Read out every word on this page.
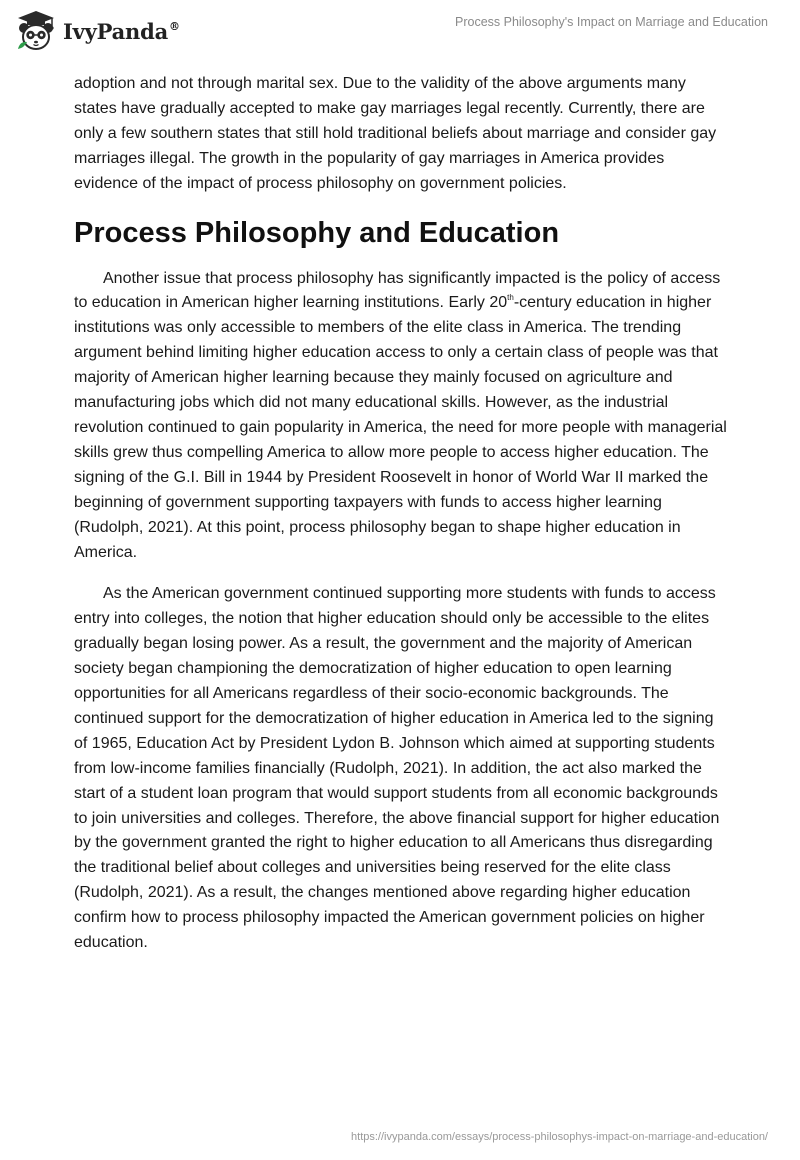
IvyPanda®	Process Philosophy's Impact on Marriage and Education

adoption and not through marital sex. Due to the validity of the above arguments many states have gradually accepted to make gay marriages legal recently. Currently, there are only a few southern states that still hold traditional beliefs about marriage and consider gay marriages illegal. The growth in the popularity of gay marriages in America provides evidence of the impact of process philosophy on government policies.

Process Philosophy and Education

Another issue that process philosophy has significantly impacted is the policy of access to education in American higher learning institutions. Early 20th-century education in higher institutions was only accessible to members of the elite class in America. The trending argument behind limiting higher education access to only a certain class of people was that majority of American higher learning because they mainly focused on agriculture and manufacturing jobs which did not many educational skills. However, as the industrial revolution continued to gain popularity in America, the need for more people with managerial skills grew thus compelling America to allow more people to access higher education. The signing of the G.I. Bill in 1944 by President Roosevelt in honor of World War II marked the beginning of government supporting taxpayers with funds to access higher learning (Rudolph, 2021). At this point, process philosophy began to shape higher education in America.

As the American government continued supporting more students with funds to access entry into colleges, the notion that higher education should only be accessible to the elites gradually began losing power. As a result, the government and the majority of American society began championing the democratization of higher education to open learning opportunities for all Americans regardless of their socio-economic backgrounds. The continued support for the democratization of higher education in America led to the signing of 1965, Education Act by President Lydon B. Johnson which aimed at supporting students from low-income families financially (Rudolph, 2021). In addition, the act also marked the start of a student loan program that would support students from all economic backgrounds to join universities and colleges. Therefore, the above financial support for higher education by the government granted the right to higher education to all Americans thus disregarding the traditional belief about colleges and universities being reserved for the elite class (Rudolph, 2021). As a result, the changes mentioned above regarding higher education confirm how to process philosophy impacted the American government policies on higher education.

https://ivypanda.com/essays/process-philosophys-impact-on-marriage-and-education/
